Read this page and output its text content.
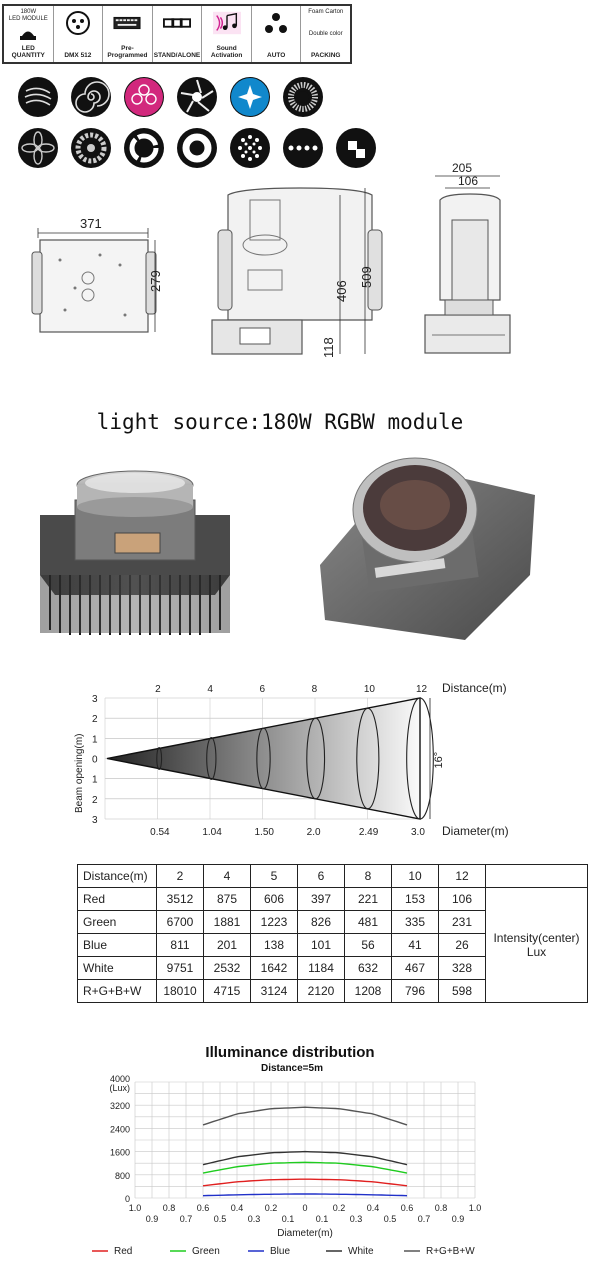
180W
LED MODULE
LED QUANTITY	DMX 512
Pre-Programmed STAND/ALONE
Sound Activation	AUTO
Foam Carton
Double color
PACKING
371
279	406
509
118
205
106
light source:180W RGBW module
3
2
1
0
1
2
3
Beam opening(m)
2
0.54
4
1.04
6
1.50
8
2.0
10
2.49
12
3.0
Distance(m)
Diameter(m)
16°
Distance(m)	2	4	5	6	8	10	12	
Red	3512	875	606	397	221	153	106	Intensity(center)
Lux

Green	6700	1881	1223	826	481	335	231	
Blue	811	201	138	101	56	41	26	
White	9751	2532	1642	1184	632	467	328	
R+G+B+W	18010	4715	3124	2120	1208	796	598	
Illuminance distribution
Distance=5m
0
800
1600
2400
3200
4000
(Lux)
1.0 0.8 0.6 0.4 0.2	0	0.2 0.4 0.6 0.8 1.0
0.9 0.7 0.5 0.3 0.1 0.1 0.3 0.5 0.7 0.9
Diameter(m)
Red	Green	Blue	White	R+G+B+W
